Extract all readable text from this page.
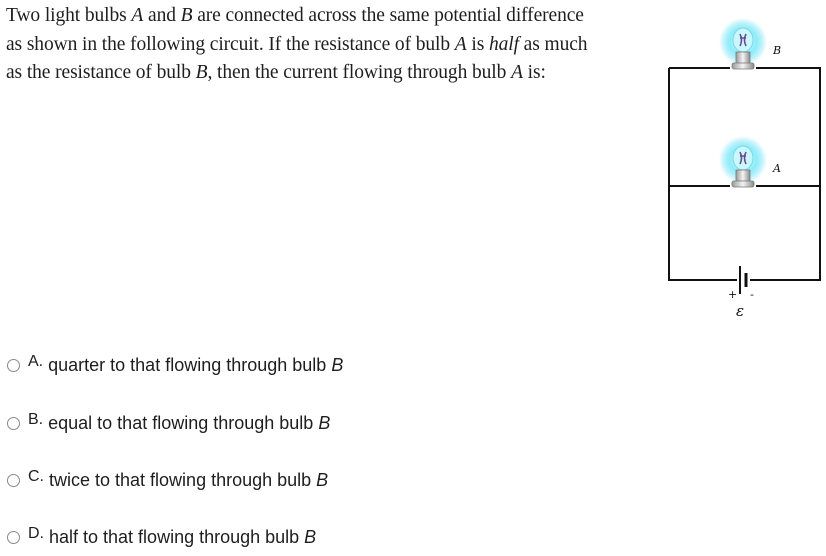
Two light bulbs A and B are connected across the same potential difference
as shown in the following circuit. If the resistance of bulb A is half as much
as the resistance of bulb B, then the current flowing through bulb A is:
+ -
ε
B
A
A. quarter to that flowing through bulb B
B. equal to that flowing through bulb B
C. twice to that flowing through bulb B
D. half to that flowing through bulb B
